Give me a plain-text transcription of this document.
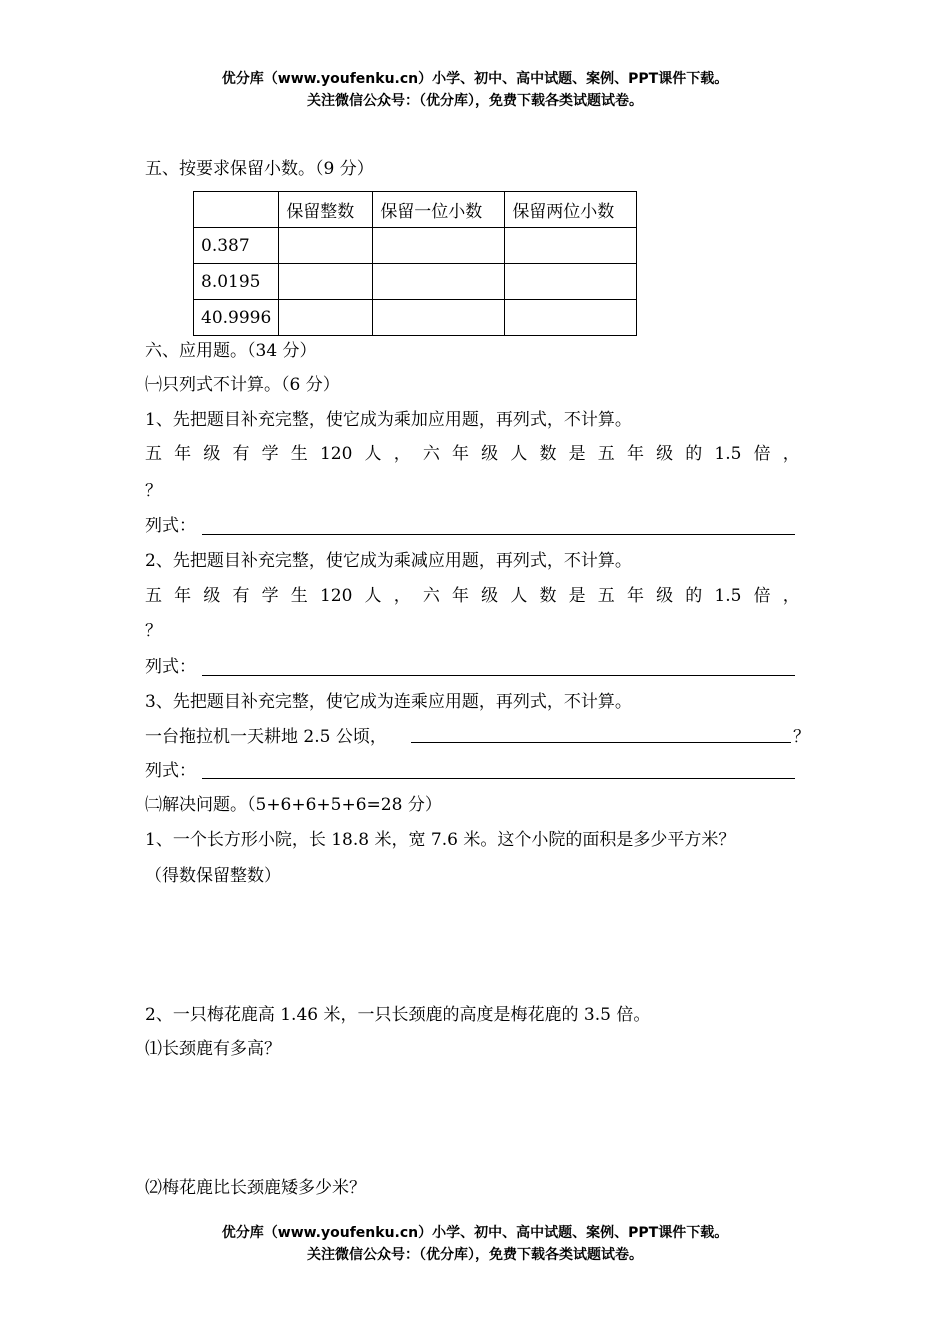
优分库（www.youfenku.cn）小学、初中、高中试题、案例、PPT课件下载。
关注微信公众号：（优分库），免费下载各类试题试卷。
五、按要求保留小数。（9 分）
	保留整数	保留一位小数	保留两位小数
0.387			
8.0195			
40.9996			
六、应用题。（34 分）
㈠只列式不计算。（6 分）
1、先把题目补充完整，使它成为乘加应用题，再列式，不计算。
五 年 级 有 学 生 120 人 ， 六 年 级 人 数 是 五 年 级 的 1.5 倍 ，
？
列式：
2、先把题目补充完整，使它成为乘减应用题，再列式，不计算。
五 年 级 有 学 生 120 人 ， 六 年 级 人 数 是 五 年 级 的 1.5 倍 ，
？
列式：
3、先把题目补充完整，使它成为连乘应用题，再列式，不计算。
一台拖拉机一天耕地 2.5 公顷，	？
列式：
㈡解决问题。（5+6+6+5+6=28 分）
1、一个长方形小院，长 18.8 米，宽 7.6 米。这个小院的面积是多少平方米？
（得数保留整数）
2、一只梅花鹿高 1.46 米，一只长颈鹿的高度是梅花鹿的 3.5 倍。
⑴长颈鹿有多高？
⑵梅花鹿比长颈鹿矮多少米？
优分库（www.youfenku.cn）小学、初中、高中试题、案例、PPT课件下载。
关注微信公众号：（优分库），免费下载各类试题试卷。
